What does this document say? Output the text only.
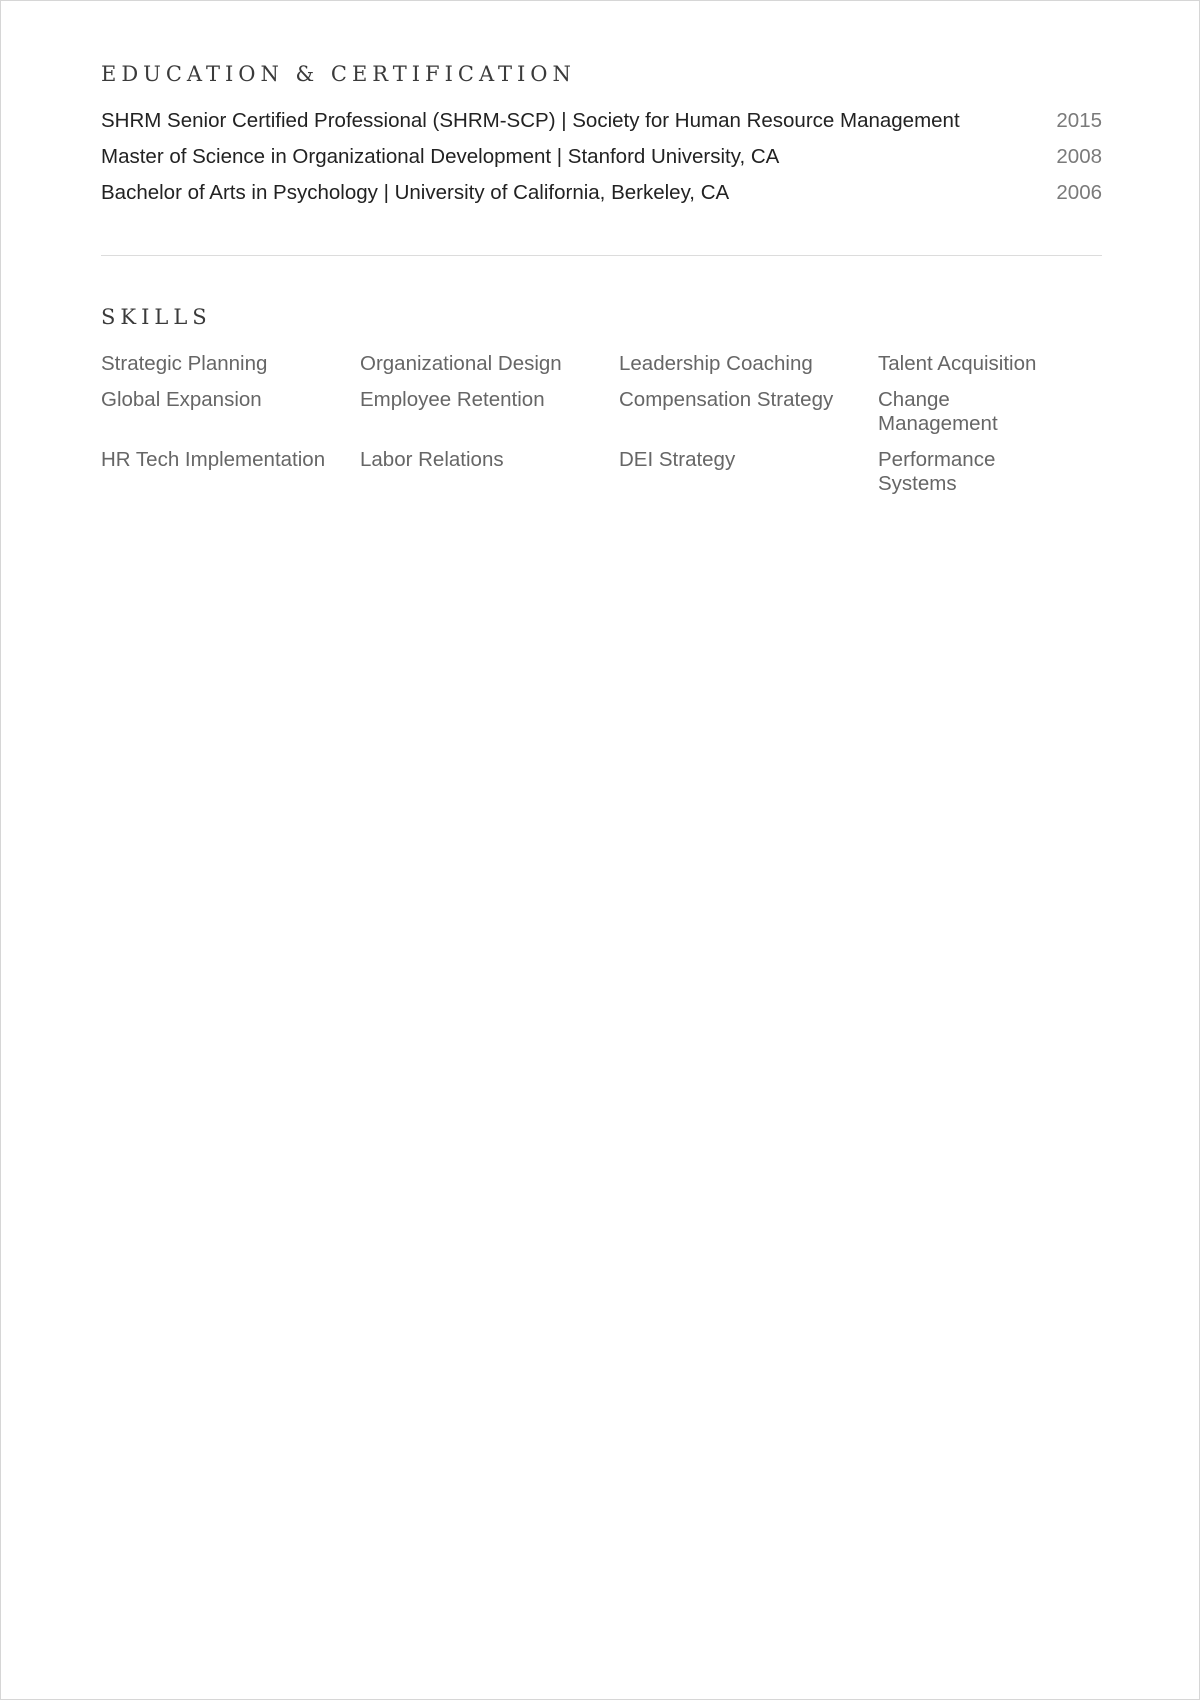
EDUCATION & CERTIFICATION
SHRM Senior Certified Professional (SHRM-SCP) | Society for Human Resource Management	2015
Master of Science in Organizational Development | Stanford University, CA	2008
Bachelor of Arts in Psychology | University of California, Berkeley, CA	2006
SKILLS
Strategic Planning	Organizational Design	Leadership Coaching	Talent Acquisition
Global Expansion	Employee Retention	Compensation Strategy	Change Management
HR Tech Implementation	Labor Relations	DEI Strategy	Performance Systems
